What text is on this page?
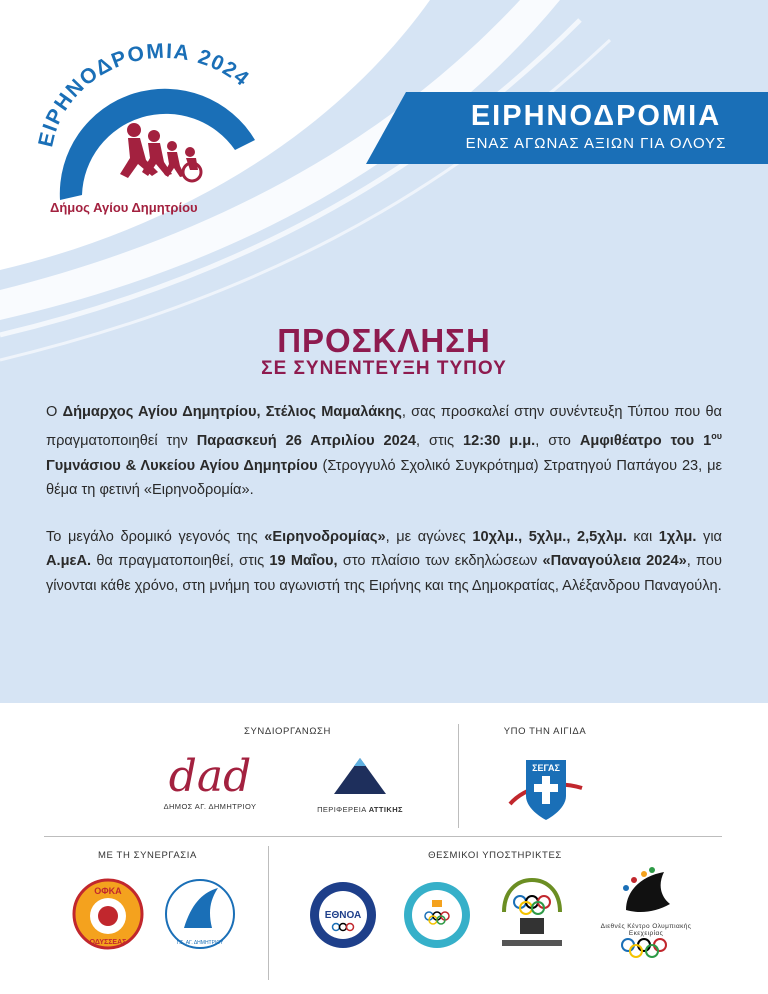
ΕΙΡΗΝΟΔΡΟΜΙΑ
ΕΝΑΣ ΑΓΩΝΑΣ ΑΞΙΩΝ ΓΙΑ ΟΛΟΥΣ
ΕΙΡΗΝΟΔΡΟΜΙΑ 2024
Δήμος Αγίου Δημητρίου
ΠΡΟΣΚΛΗΣΗ
ΣΕ ΣΥΝΕΝΤΕΥΞΗ ΤΥΠΟΥ
Ο Δήμαρχος Αγίου Δημητρίου, Στέλιος Μαμαλάκης, σας προσκαλεί στην συνέντευξη Τύπου που θα πραγματοποιηθεί την Παρασκευή 26 Απριλίου 2024, στις 12:30 μ.μ., στο Αμφιθέατρο του $1^{o\upsilon}$ Γυμνάσιου & Λυκείου Αγίου Δημητρίου (Στρογγυλό Σχολικό Συγκρότημα) Στρατηγού Παπάγου 23, με θέμα τη φετινή «Ειρηνοδρομία».
Το μεγάλο δρομικό γεγονός της «Ειρηνοδρομίας», με αγώνες 10χλμ., 5χλμ., 2,5χλμ. και 1χλμ. για Α.μεΑ. θα πραγματοποιηθεί, στις 19 Μαΐου, στο πλαίσιο των εκδηλώσεων «Παναγούλεια 2024», που γίνονται κάθε χρόνο, στη μνήμη του αγωνιστή της Ειρήνης και της Δημοκρατίας, Αλέξανδρου Παναγούλη.
ΣΥΝΔΙΟΡΓΑΝΩΣΗ	ΥΠΟ ΤΗΝ ΑΙΓΙΔΑ
dad
ΔΗΜΟΣ ΑΓ. ΔΗΜΗΤΡΙΟΥ	ΠΕΡΙΦΕΡΕΙΑ ΑΤΤΙΚΗΣ
ΣΕΓΑΣ
ΜΕ ΤΗ ΣΥΝΕΡΓΑΣΙΑ	ΘΕΣΜΙΚΟΙ ΥΠΟΣΤΗΡΙΚΤΕΣ
ΟΦΚΑ
ΟΔΥΣΣΕΑΣ	Γ.Σ. ΑΓ. ΔΗΜΗΤΡΙΟΥ
ΕΘΝΟΑ
Διεθνές Κέντρο Ολυμπιακής Εκεχειρίας
